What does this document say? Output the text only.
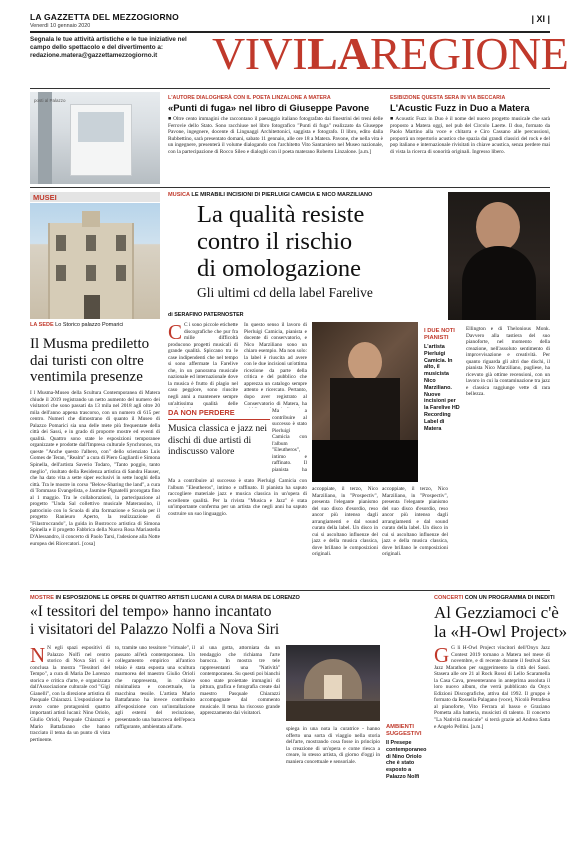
LA GAZZETTA DEL MEZZOGIORNO
Venerdì 10 gennaio 2020
| XI |
Segnala le tue attività artistiche e le tue iniziative nel campo dello spettacolo e del divertimento a:
redazione.matera@gazzettamezzogiorno.it	VIVILAREGIONE
posti al Palazzo	L'AUTORE DIALOGHERÀ CON IL POETA LINZALONE A MATERA
«Punti di fuga» nel libro di Giuseppe Pavone

■ Oltre cento immagini che raccontano il paesaggio italiano fotografato dai finestrini dei treni delle Ferrovie dello Stato. Sono racchiuse nel libro fotografico "Punti di fuga" realizzato da Giuseppe Pavone, ingegnere, docente di Linguaggi Architettonici, saggista e fotografo. Il libro, edito dalla Rubbettino, sarà presentato domani, sabato 11 gennaio, alle ore 18 a Matera. Pavone, che nella vita è un ingegnere, presenterà il volume dialogando con l'architetto Vito Santarsiero nel Museo nazionale, con la partecipazione di Rocco Sileo e dialoghi con il poeta materano Roberto Linzalone. [a.m.]

ESIBIZIONE QUESTA SERA IN VIA BECCARIA
L'Acustic Fuzz in Duo a Matera

■ Acoustic Fuzz in Duo è il nome del nuovo progetto musicale che sarà proposto a Matera oggi, nel pub del Circolo Laerte. Il duo, formato da Paolo Martino alla voce e chitarra e Ciro Cassano alle percussioni, proporrà un repertorio acustico che spazia dai grandi classici del rock e del pop italiano e internazionale rivisitati in chiave acustica, senza perdere mai di vista la ricerca di sonorità originali. Ingresso libero.

MUSEI
LA SEDE Lo Storico palazzo Pomarici
Il Musma prediletto dai turisti con oltre ventimila presenze

I l Musma-Museo della Scultura Contemporanea di Matera chiude il 2019 registrando un netto aumento del numero dei visitatori che sono passati da 13 mila nel 2018 agli oltre 20 mila dell'anno appena trascorso, con un numero di 615 per centro. Numeri che dimostrano di quanto il Museo di Palazzo Pomarici sia una delle mete più frequentate della città dei Sassi, e in grado di proporre mostre ed eventi di qualità. Quattro sono state le esposizioni temporanee organizzate e prodotte dall'Impresa culturale Synchronos, tra queste "Anche questo l'albero, con" dello scienziato Luis Gomes de Teran, "Realm" a cura di Piero Gagliardi e Simona Spinella, dell'artista Saverio Todaro, "Tanto poggio, tanto meglio", risultato della Residenza artistica di Sandra Hauser, che ha dato vita a sette siper esclusivi in sette luoghi della città. Tra le mostre in corso "Below-Sharing the land", a cura di Tommaso Evangelista, e Jasmine Pignatelli prorogata fino al 1 maggio. Tra le collaborazioni, la partecipazione al progetto "Unda Sal collettivo musicale Materassino, il patrocinio con lo Scuola di alta formazione e Scuola per il progetto Ranieuro Aperto, la realizzazione di "Filastroccando", la guida in Bustrocco artistica di Simona Spinella e il progetto Fabbrica della Nuova Rosa Mariastella D'Alessandro, il concerto di Paolo Tarsi, l'adesione alla Notte europea dei Ricercatori. [cosa]

MUSICA LE MIRABILI INCISIONI DI PIERLUIGI CAMICIA E NICO MARZILIANO
La qualità resiste
contro il rischio
di omologazione
Gli ultimi cd della label Farelive
di SERAFINO PATERNOSTER

C C i sono piccole etichette discografiche che pur fra mille difficoltà producono progetti musicali di grande qualità. Spiccano tra le case indipendenti che nel tempo si sono affermate la Farelive che, in un panorama musicale nazionale ed internazionale dove la musica è frutto di plagio nel caso peggiore, sono riuscite negli anni a mantenere sempre un'altissima qualità delle

In questo senso il lavoro di Pierluigi Camicia, pianista e docente di conservatorio, e Nico Marziliano sono un chiaro esempio. Ma non solo: la label è riuscita ad avere con le due incisioni un'ottima ricezione da parte della critica e del pubblico che apprezza un catalogo sempre attento e ricercato. Pertanto, dopo aver registrato al Conservatorio di Matera, ha

DA NON PERDERE
Musica classica e jazz nei dischi di due artisti di indiscusso valore

Ma a contribuire al successo è stato Pierluigi Camicia con l'album "Eleutheros", intimo e raffinato. Il pianista ha

Ma a contribuire al successo è stato Pierluigi Camicia con l'album "Eleutheros", intimo e raffinato. Il pianista ha saputo raccogliere materiale jazz e musica classica in un'opera di eccellente qualità. Per la rivista "Musica e Jazz" è stata un'importante conferma per un artista che negli anni ha saputo costruire un suo linguaggio.

accoppiate, il terzo, Nico Marziliano, in "Prospectiv", presenta l'elegante pianismo del suo disco d'esordio, reso ancor più intenso dagli arrangiamenti e dal sound curato della label. Un disco in cui si ascoltano influenze del jazz e della musica classica, dove brillano le composizioni originali.

accoppiate, il terzo, Nico Marziliano, in "Prospectiv", presenta l'elegante pianismo del suo disco d'esordio, reso ancor più intenso dagli arrangiamenti e dal sound curato della label. Un disco in cui si ascoltano influenze del jazz e della musica classica, dove brillano le composizioni originali.

I DUE NOTI PIANISTI
L'artista Pierluigi Camicia. In alto, il musicista Nico Marziliano. Nuove incisioni per la Farelive HD Recording Label di Matera

Ellington e di Thelonious Monk. Davvero alla tastiera del suo pianoforte, nel momento della creazione, nell'assoluto sentimento di improvvisazione e creatività. Per quanto riguarda gli altri due dischi, il pianista Nico Marziliano, pugliese, ha ricevuto già ottime recensioni, con un lavoro in cui la contaminazione tra jazz e classica raggiunge vette di rara bellezza.

MOSTRE IN ESPOSIZIONE LE OPERE DI QUATTRO ARTISTI LUCANI A CURA DI MARIA DE LORENZO
«I tessitori del tempo» hanno incantato
i visitatori del Palazzo Nolfi a Nova Siri

N N egli spazi espositivi di Palazzo Nolfi nel centro storico di Nova Siri si è conclusa la mostra "Tessitori del Tempo", a cura di Maria De Lorenzo storica e critica d'arte, e organizzata dall'Associazione culturale cod "Gigi Gianelli", con la direzione artistica di Pasquale Chiarazzi. L'esposizione ha avuto come protagonisti quattro importanti artisti lucani: Nino Oriolo, Giulio Orioli, Pasquale Chiarazzi e Mario Battafarano che hanno tracciato il tema da un punto di vista pertinente.

to, tramite uno tessitore "virtuale", il passato all'età contemporanea. Un collegamento empirico all'antico telaio è stata esposta una scultura marmorea del maestro Giulio Orioli che rappresenta, in chiave minimalista e concettuale, la macchina tessile. L'artista Mario Battafarano ha invece contribuito all'esposizione con un'installazione agli esterni del recinzione, presentando una baracceca dell'epoca raffigurante, ambientata all'arte.

al una gotta, attorniata da un tendaggio che richiama l'arte barocca. In mostra tre tele rappresentanti una "Natività" contemporanea. Su questi poi bianchi sono state proiettate immagini di pittura, grafica e fotografia create dal maestro Pasquale Chiarazzi accompagnate dal commento musicale. Il tema ha riscosso grande apprezzamento dai visitatori.

spiega in una nota la curatrice - hanno offerto una sorta di viaggio nella storia dell'arte, mostrando cosa fosse in principio la creazione di un'opera e come riesca a creare, lo stesso artista, di giorno d'oggi in maniera concettuale e sensoriale.

AMBIENTI SUGGESTIVI
Il Presepe contemporaneo di Nino Oriolo che è stato esposto a Palazzo Nolfi
CONCERTI CON UN PROGRAMMA DI INEDITI
Al Gezziamoci c'è
la «H-Owl Project»

G G li H-Owl Project vincitori dell'Onyx Jazz Contest 2019 tornano a Matera nel mese di novembre, e di recente durante il festival Sax Jazz Marathon per suggerimento la città dei Sassi. Stasera alle ore 21 al Rock Rossi di Lello Scaramella la Casa Cava, presenteranno in anteprima assoluta il loro nuovo album, che verrà pubblicato da Onyx Edizioni Discografiche, attiva dal 1992. Il gruppo è formato da Rossella Palagano (voce), Nicolò Petrafesa al pianoforte, Vito Ferrara al basso e Graziano Pometta alla batteria, musicisti di talento. Il concerto "La Natività musicale" si terrà grazie ad Andrea Satta e Angelo Pellini. [a.m.]
